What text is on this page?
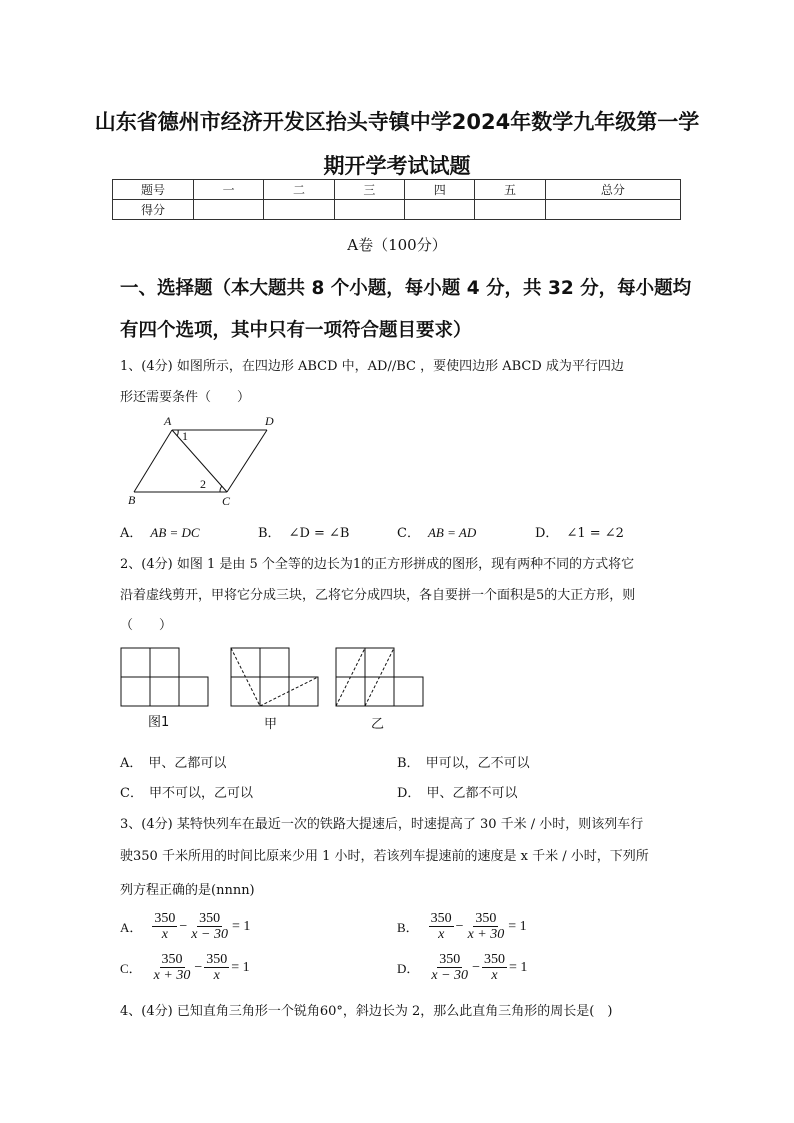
山东省德州市经济开发区抬头寺镇中学2024年数学九年级第一学
期开学考试试题
题号	一	二	三	四	五	总分
得分						
A卷（100分）
一、选择题（本大题共 8 个小题，每小题 4 分，共 32 分，每小题均
有四个选项，其中只有一项符合题目要求）
1、(4分) 如图所示，在四边形 ABCD 中，AD//BC ，要使四边形 ABCD 成为平行四边
形还需要条件（　　）
A	D
B	C
1
2
A． AB = DC	B． ∠D = ∠B	C． AB = AD	D． ∠1 = ∠2
2、(4分) 如图 1 是由 5 个全等的边长为1的正方形拼成的图形，现有两种不同的方式将它
沿着虚线剪开，甲将它分成三块，乙将它分成四块，各自要拼一个面积是5的大正方形，则
（　　）
图1	甲	乙
A． 甲、乙都可以	B． 甲可以，乙不可以
C． 甲不可以，乙可以	D． 甲、乙都不可以
3、(4分) 某特快列车在最近一次的铁路大提速后，时速提高了 30 千米 / 小时，则该列车行
驶350 千米所用的时间比原来少用 1 小时，若该列车提速前的速度是 x 千米 / 小时，下列所
列方程正确的是(nnnn)
A． $\frac{350}{x} - \frac{350}{x - 30} = 1$	B． $\frac{350}{x} - \frac{350}{x + 30} = 1$
C． $\frac{350}{x + 30} - \frac{350}{x} = 1$	D． $\frac{350}{x - 30} - \frac{350}{x} = 1$
4、(4分) 已知直角三角形一个锐角60°，斜边长为 2，那么此直角三角形的周长是(　)
